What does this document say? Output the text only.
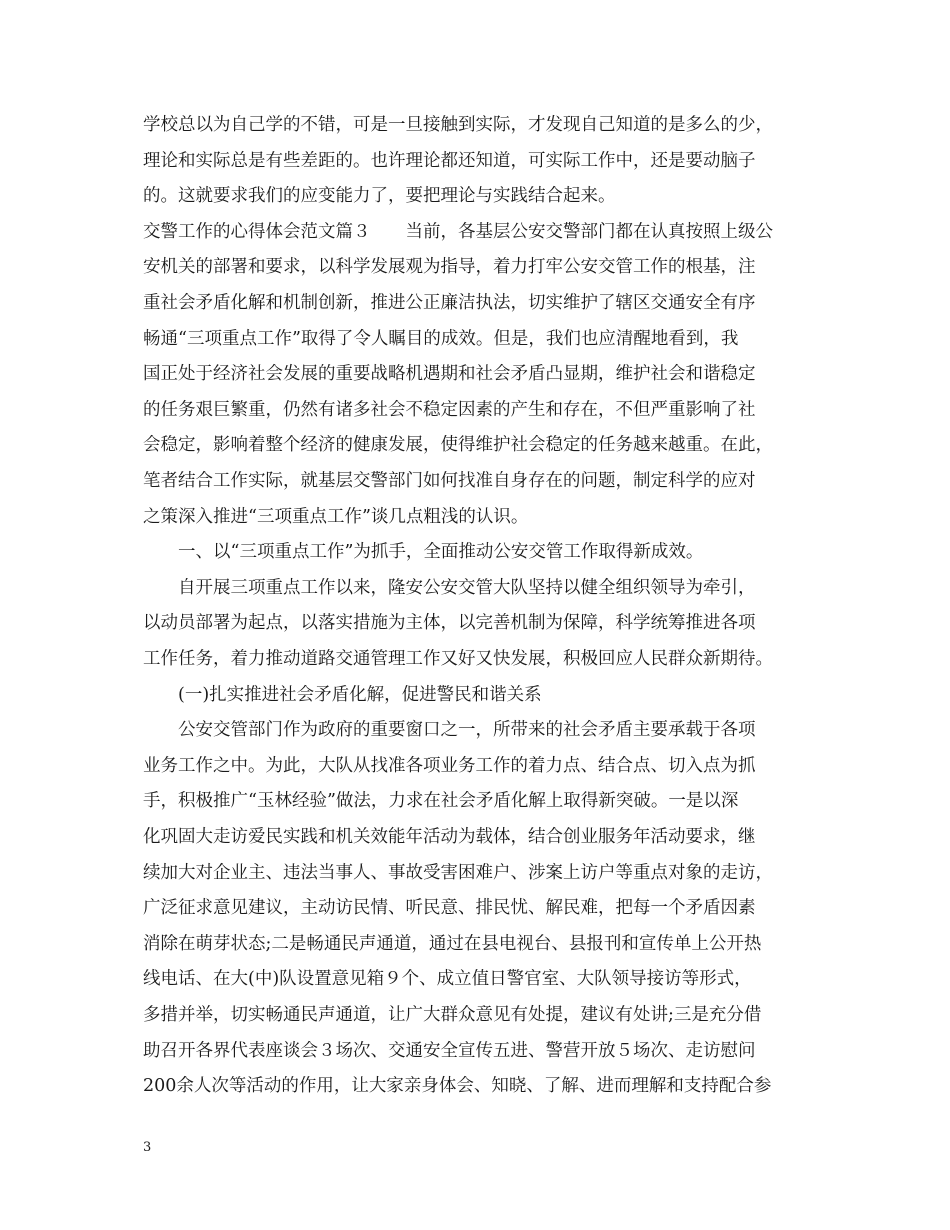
学校总以为自己学的不错，可是一旦接触到实际，才发现自己知道的是多么的少，
理论和实际总是有些差距的。也许理论都还知道，可实际工作中，还是要动脑子
的。这就要求我们的应变能力了，要把理论与实践结合起来。
交警工作的心得体会范文篇３　　当前，各基层公安交警部门都在认真按照上级公
安机关的部署和要求，以科学发展观为指导，着力打牢公安交管工作的根基，注
重社会矛盾化解和机制创新，推进公正廉洁执法，切实维护了辖区交通安全有序
畅通“三项重点工作”取得了令人瞩目的成效。但是，我们也应清醒地看到，我
国正处于经济社会发展的重要战略机遇期和社会矛盾凸显期，维护社会和谐稳定
的任务艰巨繁重，仍然有诸多社会不稳定因素的产生和存在，不但严重影响了社
会稳定，影响着整个经济的健康发展，使得维护社会稳定的任务越来越重。在此，
笔者结合工作实际，就基层交警部门如何找准自身存在的问题，制定科学的应对
之策深入推进“三项重点工作”谈几点粗浅的认识。
　　一、以“三项重点工作”为抓手，全面推动公安交管工作取得新成效。
　　自开展三项重点工作以来，隆安公安交管大队坚持以健全组织领导为牵引，
以动员部署为起点，以落实措施为主体，以完善机制为保障，科学统筹推进各项
工作任务，着力推动道路交通管理工作又好又快发展，积极回应人民群众新期待。
　　(一)扎实推进社会矛盾化解，促进警民和谐关系
　　公安交管部门作为政府的重要窗口之一，所带来的社会矛盾主要承载于各项
业务工作之中。为此，大队从找准各项业务工作的着力点、结合点、切入点为抓
手，积极推广“玉林经验”做法，力求在社会矛盾化解上取得新突破。一是以深
化巩固大走访爱民实践和机关效能年活动为载体，结合创业服务年活动要求，继
续加大对企业主、违法当事人、事故受害困难户、涉案上访户等重点对象的走访，
广泛征求意见建议，主动访民情、听民意、排民忧、解民难，把每一个矛盾因素
消除在萌芽状态;二是畅通民声通道，通过在县电视台、县报刊和宣传单上公开热
线电话、在大(中)队设置意见箱９个、成立值日警官室、大队领导接访等形式，
多措并举，切实畅通民声通道，让广大群众意见有处提，建议有处讲;三是充分借
助召开各界代表座谈会３场次、交通安全宣传五进、警营开放５场次、走访慰问
200余人次等活动的作用，让大家亲身体会、知晓、了解、进而理解和支持配合参
3
